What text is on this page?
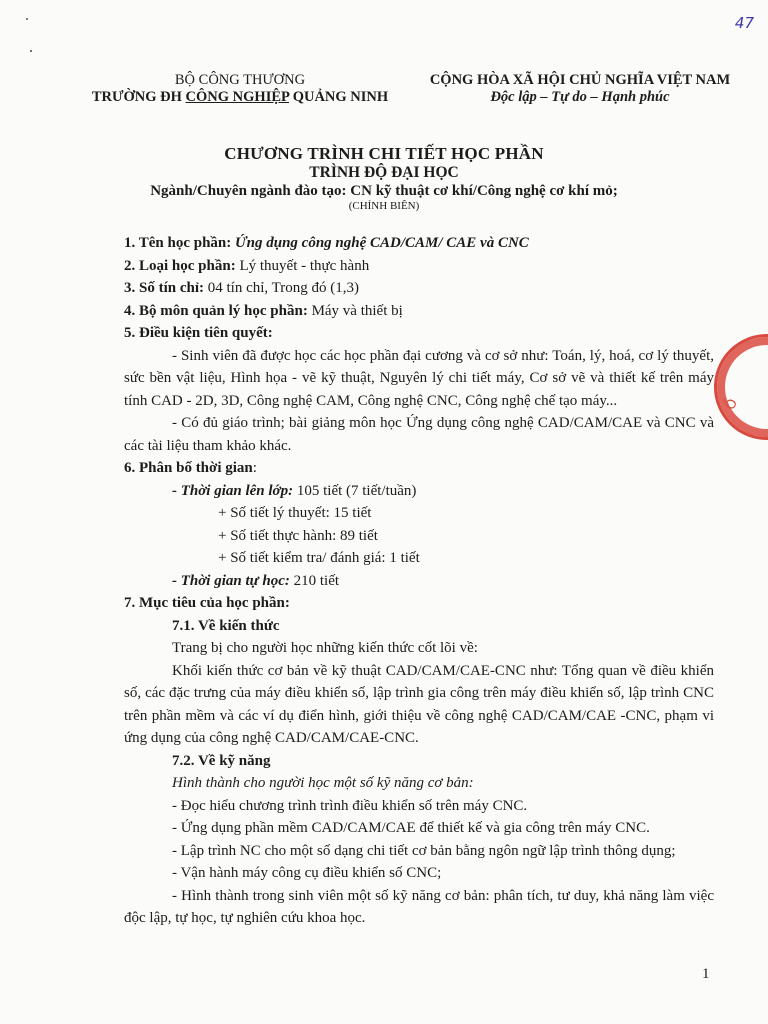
47
BỘ CÔNG THƯƠNG
TRƯỜNG ĐH CÔNG NGHIỆP QUẢNG NINH
CỘNG HÒA XÃ HỘI CHỦ NGHĨA VIỆT NAM
Độc lập – Tự do – Hạnh phúc
CHƯƠNG TRÌNH CHI TIẾT HỌC PHẦN
TRÌNH ĐỘ ĐẠI HỌC
Ngành/Chuyên ngành đào tạo: CN kỹ thuật cơ khí/Công nghệ cơ khí mỏ;
(CHỈNH BIÊN)

1. Tên học phần: Ứng dụng công nghệ CAD/CAM/ CAE và CNC

2. Loại học phần: Lý thuyết - thực hành

3. Số tín chỉ: 04 tín chỉ, Trong đó (1,3)

4. Bộ môn quản lý học phần: Máy và thiết bị

5. Điều kiện tiên quyết:

- Sinh viên đã được học các học phần đại cương và cơ sở như: Toán, lý, hoá, cơ lý thuyết, sức bền vật liệu, Hình họa - vẽ kỹ thuật, Nguyên lý chi tiết máy, Cơ sở vẽ và thiết kế trên máy tính CAD - 2D, 3D, Công nghệ CAM, Công nghệ CNC, Công nghệ chế tạo máy...

- Có đủ giáo trình; bài giảng môn học Ứng dụng công nghệ CAD/CAM/CAE và CNC và các tài liệu tham khảo khác.

6. Phân bố thời gian:

- Thời gian lên lớp: 105 tiết (7 tiết/tuần)

+ Số tiết lý thuyết: 15 tiết

+ Số tiết thực hành: 89 tiết

+ Số tiết kiểm tra/ đánh giá: 1 tiết

- Thời gian tự học: 210 tiết

7. Mục tiêu của học phần:

7.1. Về kiến thức

Trang bị cho người học những kiến thức cốt lõi về:

Khối kiến thức cơ bản về kỹ thuật CAD/CAM/CAE-CNC như: Tổng quan về điều khiển số, các đặc trưng của máy điều khiển số, lập trình gia công trên máy điều khiển số, lập trình CNC trên phần mềm và các ví dụ điển hình, giới thiệu về công nghệ CAD/CAM/CAE -CNC, phạm vi ứng dụng của công nghệ CAD/CAM/CAE-CNC.

7.2. Về kỹ năng

Hình thành cho người học một số kỹ năng cơ bản:

- Đọc hiểu chương trình trình điều khiển số trên máy CNC.

- Ứng dụng phần mềm CAD/CAM/CAE để thiết kế và gia công trên máy CNC.

- Lập trình NC cho một số dạng chi tiết cơ bản bằng ngôn ngữ lập trình thông dụng;

- Vận hành máy công cụ điều khiển số CNC;

- Hình thành trong sinh viên một số kỹ năng cơ bản: phân tích, tư duy, khả năng làm việc độc lập, tự học, tự nghiên cứu khoa học.

Ồ
1
